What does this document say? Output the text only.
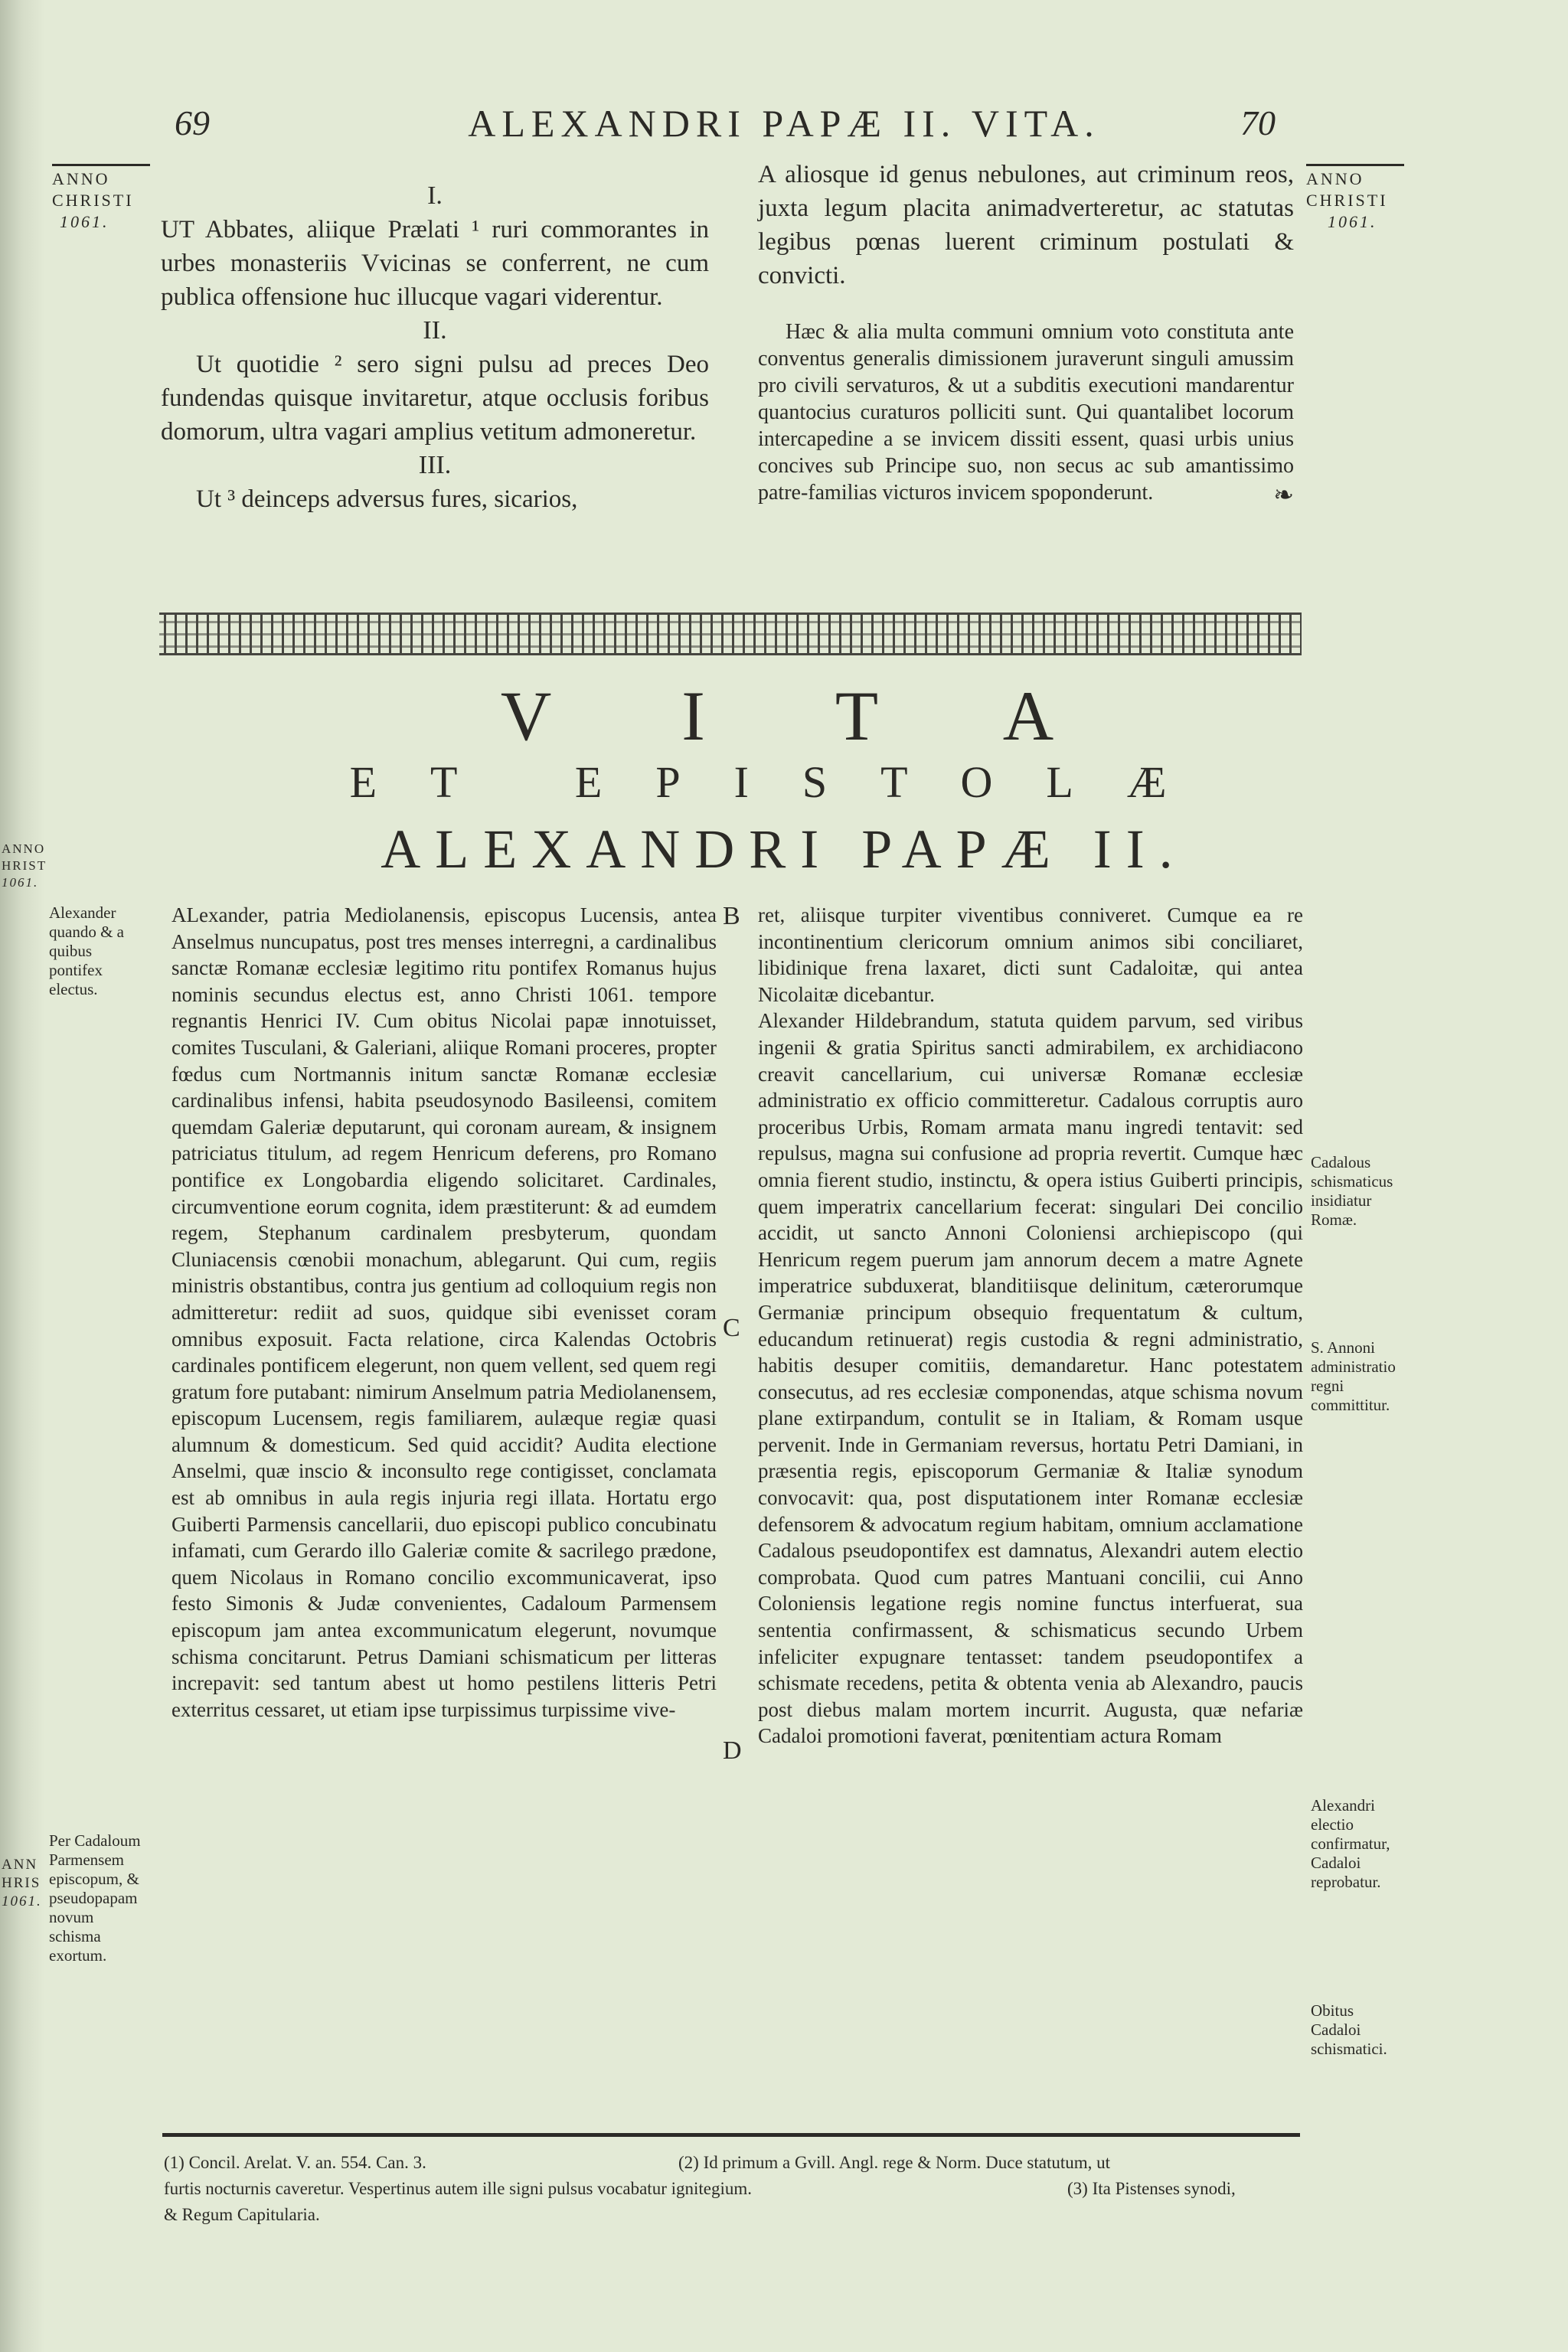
69	ALEXANDRI PAPÆ II. VITA.	70
ANNO
CHRISTI
1061.
ANNO
CHRISTI
1061.
ANNO
HRIST
1061.
ANN
HRIS
1061.

I.

UT Abbates, aliique Prælati ¹ ruri commorantes in urbes monasteriis Vvicinas se conferrent, ne cum publica offensione huc illucque vagari viderentur.

II.

Ut quotidie ² sero signi pulsu ad preces Deo fundendas quisque invitaretur, atque occlusis foribus domorum, ultra vagari amplius vetitum admoneretur.

III.

Ut ³ deinceps adversus fures, sicarios,

A aliosque id genus nebulones, aut criminum reos, juxta legum placita animadverteretur, ac statutas legibus pœnas luerent criminum postulati & convicti.

Hæc & alia multa communi omnium voto constituta ante conventus generalis dimissionem juraverunt singuli amussim pro civili servaturos, & ut a subditis executioni mandarentur quantocius curaturos polliciti sunt. Qui quantalibet locorum intercapedine a se invicem dissiti essent, quasi urbis unius concives sub Principe suo, non secus ac sub amantissimo patre-familias victuros invicem spoponderunt.	❧
VITA
ET EPISTOLÆ
ALEXANDRI PAPÆ II.
Alexander quando & a quibus pontifex electus.
Per Cadaloum Parmensem episcopum, & pseudopapam novum schisma exortum.
ALexander, patria Mediolanensis, episcopus Lucensis, antea Anselmus nuncupatus, post tres menses interregni, a cardinalibus sanctæ Romanæ ecclesiæ legitimo ritu pontifex Romanus hujus nominis secundus electus est, anno Christi 1061. tempore regnantis Henrici IV. Cum obitus Nicolai papæ innotuisset, comites Tusculani, & Galeriani, aliique Romani proceres, propter fœdus cum Nortmannis initum sanctæ Romanæ ecclesiæ cardinalibus infensi, habita pseudosynodo Basileensi, comitem quemdam Galeriæ deputarunt, qui coronam auream, & insignem patriciatus titulum, ad regem Henricum deferens, pro Romano pontifice ex Longobardia eligendo solicitaret. Cardinales, circumventione eorum cognita, idem præstiterunt: & ad eumdem regem, Stephanum cardinalem presbyterum, quondam Cluniacensis cœnobii monachum, ablegarunt. Qui cum, regiis ministris obstantibus, contra jus gentium ad colloquium regis non admitteretur: rediit ad suos, quidque sibi evenisset coram omnibus exposuit. Facta relatione, circa Kalendas Octobris cardinales pontificem elegerunt, non quem vellent, sed quem regi gratum fore putabant: nimirum Anselmum patria Mediolanensem, episcopum Lucensem, regis familiarem, aulæque regiæ quasi alumnum & domesticum. Sed quid accidit? Audita electione Anselmi, quæ inscio & inconsulto rege contigisset, conclamata est ab omnibus in aula regis injuria regi illata. Hortatu ergo Guiberti Parmensis cancellarii, duo episcopi publico concubinatu infamati, cum Gerardo illo Galeriæ comite & sacrilego prædone, quem Nicolaus in Romano concilio excommunicaverat, ipso festo Simonis & Judæ convenientes, Cadaloum Parmensem episcopum jam antea excommunicatum elegerunt, novumque schisma concitarunt. Petrus Damiani schismaticum per litteras increpavit: sed tantum abest ut homo pestilens litteris Petri exterritus cessaret, ut etiam ipse turpissimus turpissime vive-
B
C
D
ret, aliisque turpiter viventibus conniveret. Cumque ea re incontinentium clericorum omnium animos sibi conciliaret, libidinique frena laxaret, dicti sunt Cadaloitæ, qui antea Nicolaitæ dicebantur.
Alexander Hildebrandum, statuta quidem parvum, sed viribus ingenii & gratia Spiritus sancti admirabilem, ex archidiacono creavit cancellarium, cui universæ Romanæ ecclesiæ administratio ex officio committeretur. Cadalous corruptis auro proceribus Urbis, Romam armata manu ingredi tentavit: sed repulsus, magna sui confusione ad propria revertit. Cumque hæc omnia fierent studio, instinctu, & opera istius Guiberti principis, quem imperatrix cancellarium fecerat: singulari Dei concilio accidit, ut sancto Annoni Coloniensi archiepiscopo (qui Henricum regem puerum jam annorum decem a matre Agnete imperatrice subduxerat, blanditiisque delinitum, cæterorumque Germaniæ principum obsequio frequentatum & cultum, educandum retinuerat) regis custodia & regni administratio, habitis desuper comitiis, demandaretur. Hanc potestatem consecutus, ad res ecclesiæ componendas, atque schisma novum plane extirpandum, contulit se in Italiam, & Romam usque pervenit. Inde in Germaniam reversus, hortatu Petri Damiani, in præsentia regis, episcoporum Germaniæ & Italiæ synodum convocavit: qua, post disputationem inter Romanæ ecclesiæ defensorem & advocatum regium habitam, omnium acclamatione Cadalous pseudopontifex est damnatus, Alexandri autem electio comprobata. Quod cum patres Mantuani concilii, cui Anno Coloniensis legatione regis nomine functus interfuerat, sua sententia confirmassent, & schismaticus secundo Urbem infeliciter expugnare tentasset: tandem pseudopontifex a schismate recedens, petita & obtenta venia ab Alexandro, paucis post diebus malam mortem incurrit. Augusta, quæ nefariæ Cadaloi promotioni faverat, pœnitentiam actura Romam
Cadalous schismaticus insidiatur Romæ.
S. Annoni administratio regni committitur.
Alexandri electio confirmatur, Cadaloi reprobatur.
Obitus Cadaloi schismatici.
(1) Concil. Arelat. V. an. 554. Can. 3.	(2) Id primum a Gvill. Angl. rege & Norm. Duce statutum, ut
furtis nocturnis caveretur. Vespertinus autem ille signi pulsus vocabatur ignitegium.	(3) Ita Pistenses synodi,
& Regum Capitularia.
